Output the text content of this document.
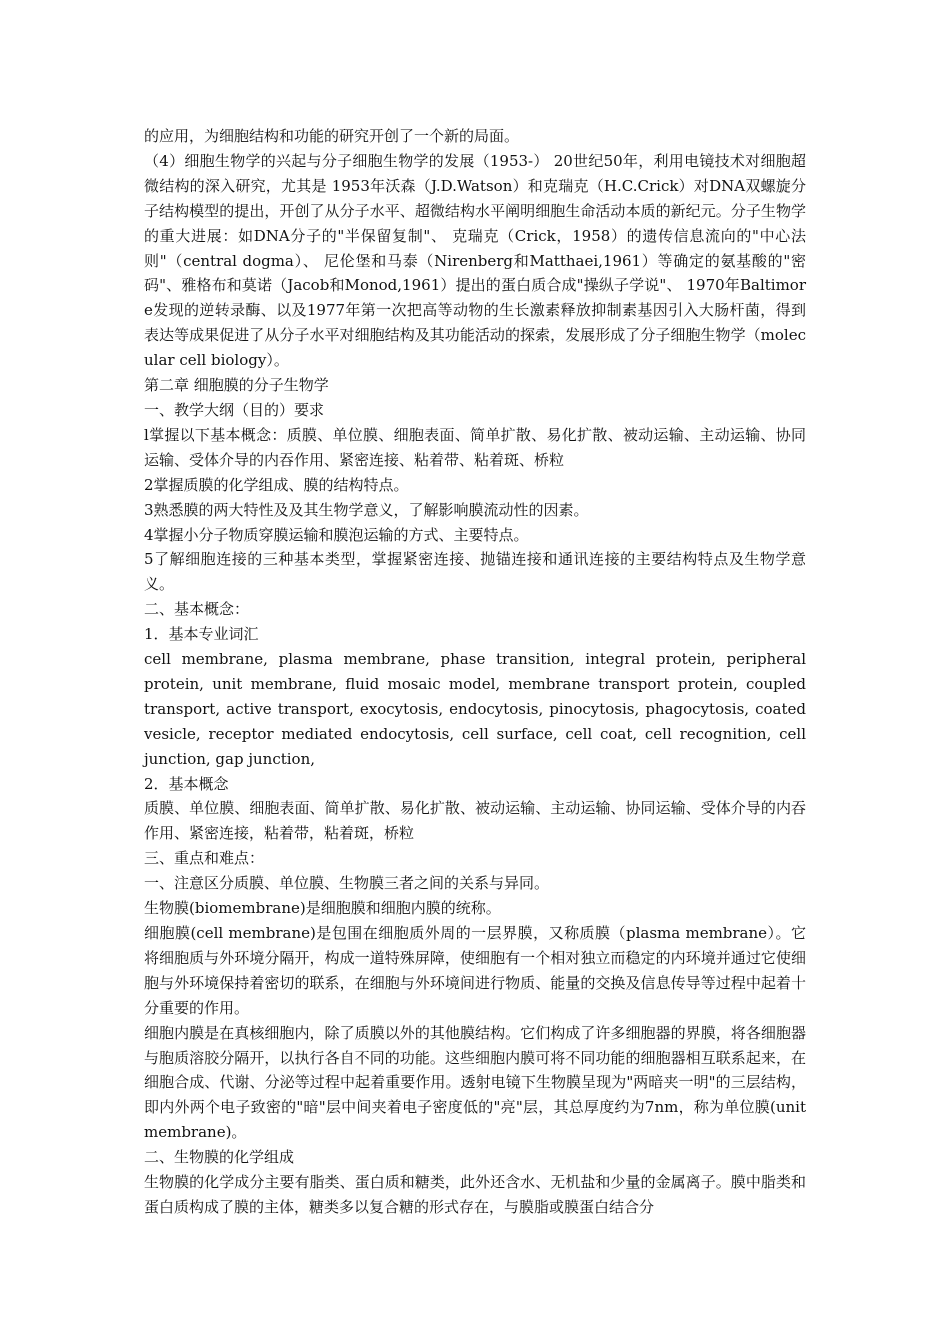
的应用，为细胞结构和功能的研究开创了一个新的局面。

（4）细胞生物学的兴起与分子细胞生物学的发展（1953-） 20世纪50年，利用电镜技术对细胞超微结构的深入研究，尤其是 1953年沃森（J.D.Watson）和克瑞克（H.C.Crick）对DNA双螺旋分子结构模型的提出，开创了从分子水平、超微结构水平阐明细胞生命活动本质的新纪元。分子生物学的重大进展：如DNA分子的"半保留复制"、 克瑞克（Crick，1958）的遗传信息流向的"中心法则"（central dogma）、 尼伦堡和马泰（Nirenberg和Matthaei,1961）等确定的氨基酸的"密码"、雅格布和莫诺（Jacob和Monod,1961）提出的蛋白质合成"操纵子学说"、 1970年Baltimore发现的逆转录酶、以及1977年第一次把高等动物的生长激素释放抑制素基因引入大肠杆菌，得到表达等成果促进了从分子水平对细胞结构及其功能活动的探索，发展形成了分子细胞生物学（molecular cell biology）。

第二章 细胞膜的分子生物学

一、教学大纲（目的）要求

l掌握以下基本概念：质膜、单位膜、细胞表面、简单扩散、易化扩散、被动运输、主动运输、协同运输、受体介导的内吞作用、紧密连接、粘着带、粘着斑、桥粒

2掌握质膜的化学组成、膜的结构特点。

3熟悉膜的两大特性及及其生物学意义，了解影响膜流动性的因素。

4掌握小分子物质穿膜运输和膜泡运输的方式、主要特点。

5了解细胞连接的三种基本类型，掌握紧密连接、抛锚连接和通讯连接的主要结构特点及生物学意义。

二、基本概念：

1．基本专业词汇

cell membrane, plasma membrane, phase transition, integral protein, peripheral protein, unit membrane, fluid mosaic model, membrane transport protein, coupled transport, active transport, exocytosis, endocytosis, pinocytosis, phagocytosis, coated vesicle, receptor mediated endocytosis, cell surface, cell coat, cell recognition, cell junction, gap junction,

2．基本概念

质膜、单位膜、细胞表面、简单扩散、易化扩散、被动运输、主动运输、协同运输、受体介导的内吞作用、紧密连接，粘着带，粘着斑，桥粒

三、重点和难点：

一、注意区分质膜、单位膜、生物膜三者之间的关系与异同。

生物膜(biomembrane)是细胞膜和细胞内膜的统称。

细胞膜(cell membrane)是包围在细胞质外周的一层界膜，又称质膜（plasma membrane）。它将细胞质与外环境分隔开，构成一道特殊屏障，使细胞有一个相对独立而稳定的内环境并通过它使细胞与外环境保持着密切的联系，在细胞与外环境间进行物质、能量的交换及信息传导等过程中起着十分重要的作用。

细胞内膜是在真核细胞内，除了质膜以外的其他膜结构。它们构成了许多细胞器的界膜，将各细胞器与胞质溶胶分隔开，以执行各自不同的功能。这些细胞内膜可将不同功能的细胞器相互联系起来，在细胞合成、代谢、分泌等过程中起着重要作用。透射电镜下生物膜呈现为"两暗夹一明"的三层结构，即内外两个电子致密的"暗"层中间夹着电子密度低的"亮"层，其总厚度约为7nm，称为单位膜(unit membrane)。

二、生物膜的化学组成

生物膜的化学成分主要有脂类、蛋白质和糖类，此外还含水、无机盐和少量的金属离子。膜中脂类和蛋白质构成了膜的主体，糖类多以复合糖的形式存在，与膜脂或膜蛋白结合分
